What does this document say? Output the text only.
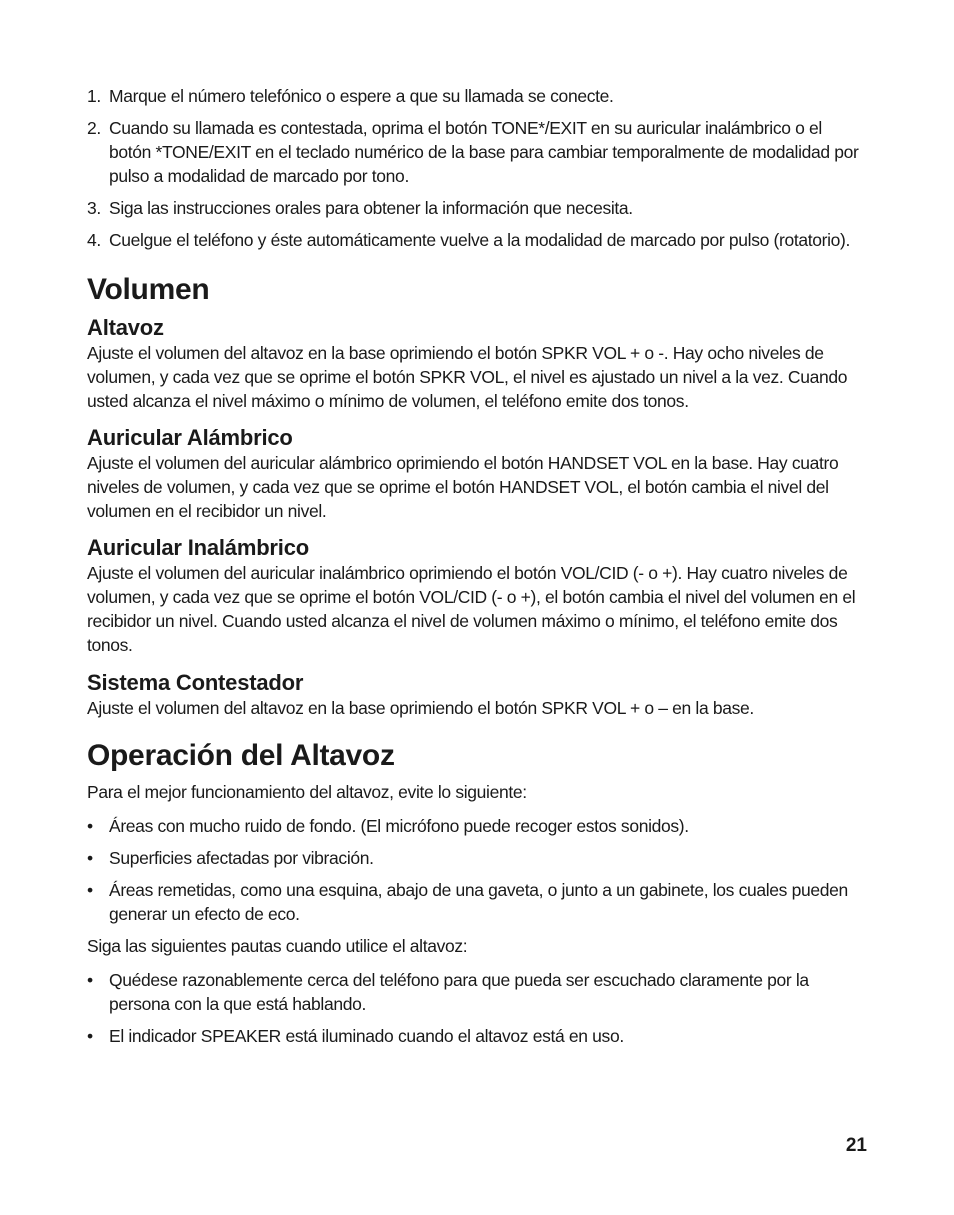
1. Marque el número telefónico o espere a que su llamada se conecte.
2. Cuando su llamada es contestada, oprima el botón TONE*/EXIT en su auricular inalámbrico o el botón *TONE/EXIT en el teclado numérico de la base para cambiar temporalmente de modalidad por pulso a modalidad de marcado por tono.
3. Siga las instrucciones orales para obtener la información que necesita.
4. Cuelgue el teléfono y éste automáticamente vuelve a la modalidad de marcado por pulso (rotatorio).
Volumen
Altavoz

Ajuste el volumen del altavoz en la base oprimiendo el botón SPKR VOL + o -. Hay ocho niveles de volumen, y cada vez que se oprime el botón SPKR VOL, el nivel es ajustado un nivel a la vez. Cuando usted alcanza el nivel máximo o mínimo de volumen, el teléfono emite dos tonos.

Auricular Alámbrico

Ajuste el volumen del auricular alámbrico oprimiendo el botón HANDSET VOL en la base. Hay cuatro niveles de volumen, y cada vez que se oprime el botón HANDSET VOL, el botón cambia el nivel del volumen en el recibidor un nivel.

Auricular Inalámbrico

Ajuste el volumen del auricular inalámbrico oprimiendo el botón VOL/CID (- o +). Hay cuatro niveles de volumen, y cada vez que se oprime el botón VOL/CID (- o +), el botón cambia el nivel del volumen en el recibidor un nivel. Cuando usted alcanza el nivel de volumen máximo o mínimo, el teléfono emite dos tonos.

Sistema Contestador

Ajuste el volumen del altavoz en la base oprimiendo el botón SPKR VOL + o – en la base.

Operación del Altavoz

Para el mejor funcionamiento del altavoz, evite lo siguiente:

• Áreas con mucho ruido de fondo. (El micrófono puede recoger estos sonidos).
• Superficies afectadas por vibración.
• Áreas remetidas, como una esquina, abajo de una gaveta, o junto a un gabinete, los cuales pueden generar un efecto de eco.

Siga las siguientes pautas cuando utilice el altavoz:

• Quédese razonablemente cerca del teléfono para que pueda ser escuchado claramente por la persona con la que está hablando.
• El indicador SPEAKER está iluminado cuando el altavoz está en uso.
21
